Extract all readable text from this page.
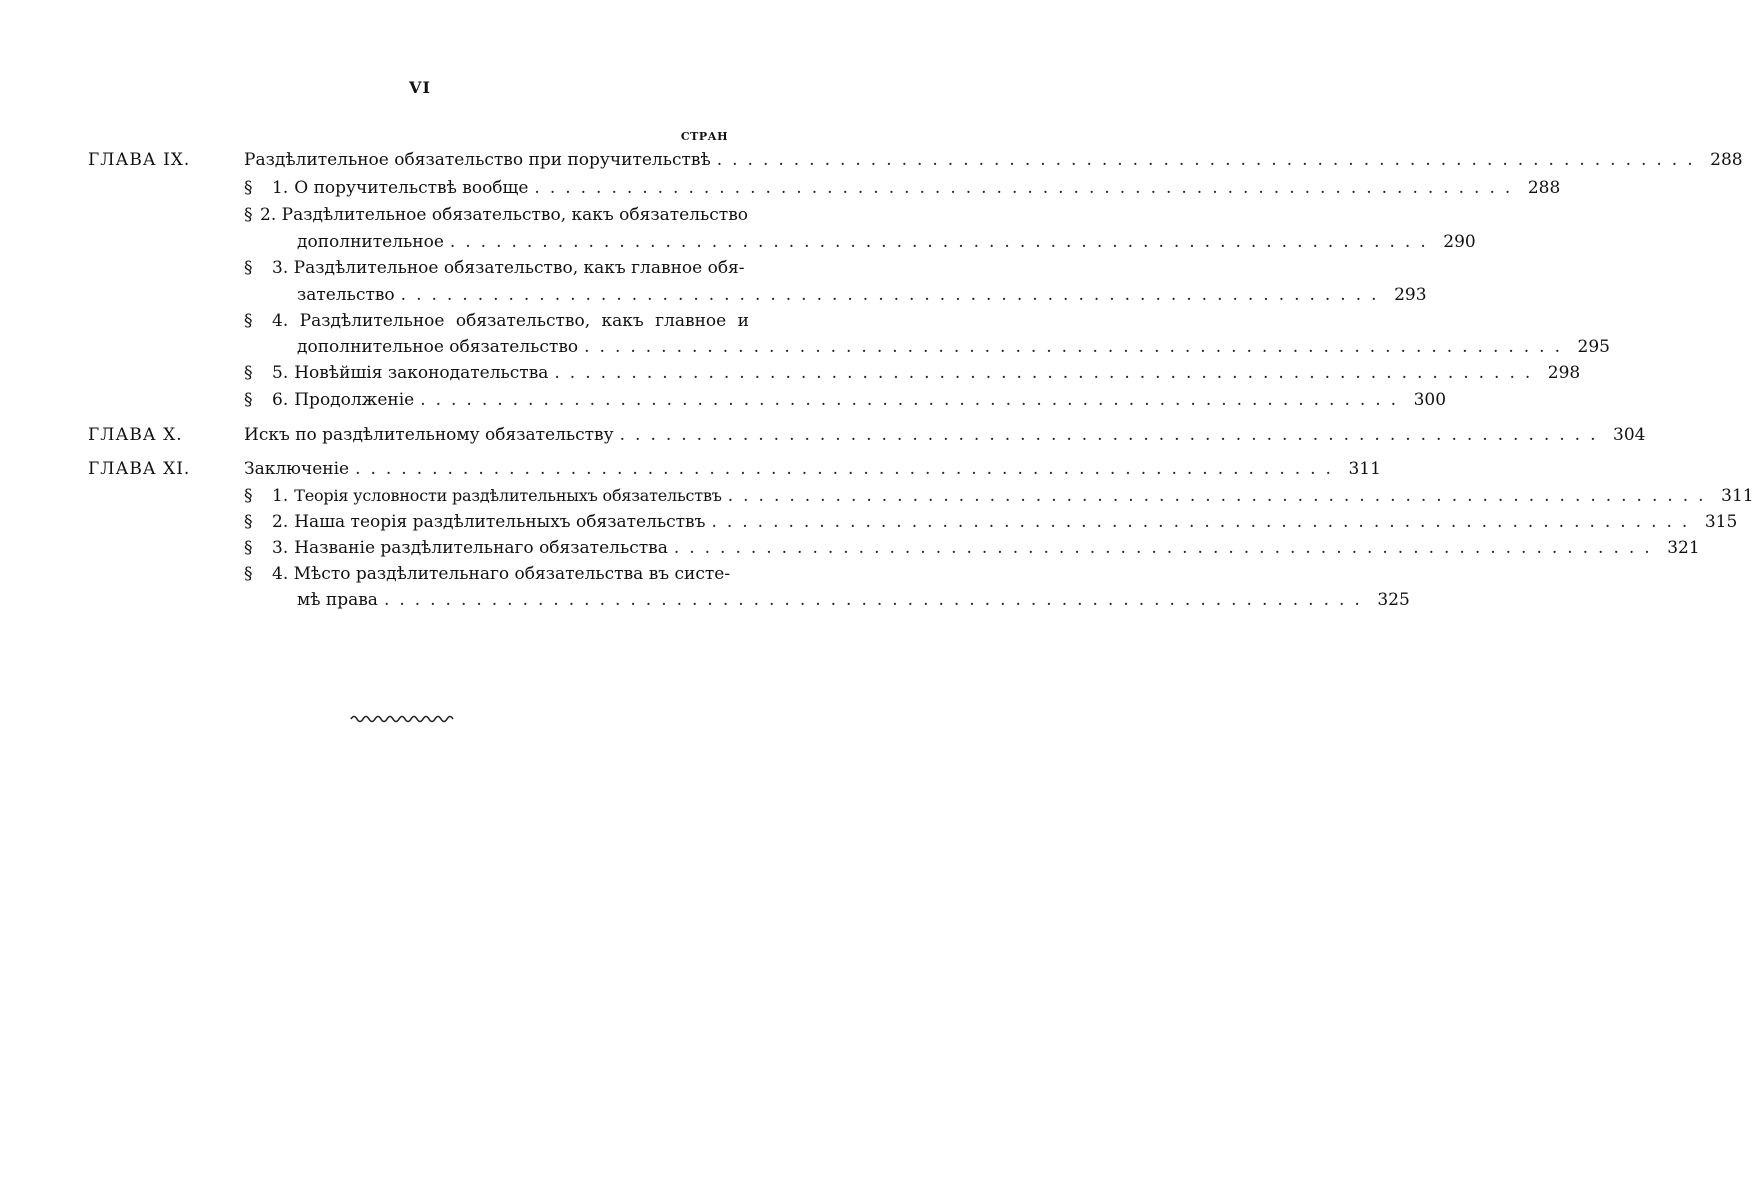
VI
СТРАН
ГЛАВА IX.	Раздѣлительное обязательство при поручительствѣ ................................................................ 288
§ 1. О поручительствѣ вообще ................................................................ 288
§ 2. Раздѣлительное обязательство, какъ обязательство
дополнительное ................................................................ 290
§ 3. Раздѣлительное обязательство, какъ главное обя-
зательство ................................................................ 293
§ 4. Раздѣлительное обязательство, какъ главное и
дополнительное обязательство ................................................................ 295
§ 5. Новѣйшія законодательства ................................................................ 298
§ 6. Продолженіе ................................................................ 300
ГЛАВА X.	Искъ по раздѣлительному обязательству ................................................................ 304
ГЛАВА XI.	Заключеніе ................................................................ 311
§ 1. Теорія условности раздѣлительныхъ обязательствъ ................................................................ 311
§ 2. Наша теорія раздѣлительныхъ обязательствъ ................................................................ 315
§ 3. Названіе раздѣлительнаго обязательства ................................................................ 321
§ 4. Мѣсто раздѣлительнаго обязательства въ систе-
мѣ права ................................................................ 325
